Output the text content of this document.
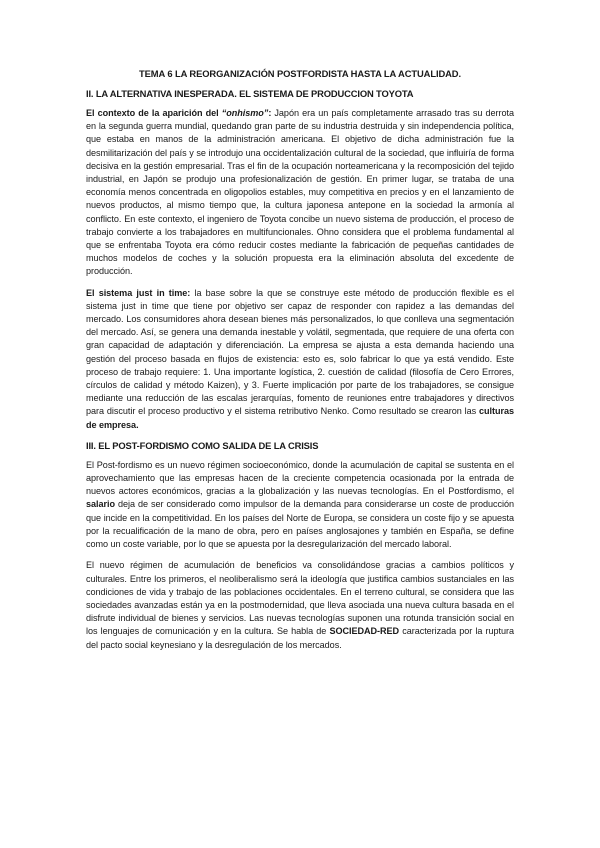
TEMA 6 LA REORGANIZACIÓN POSTFORDISTA HASTA LA ACTUALIDAD.
II. LA ALTERNATIVA INESPERADA. EL SISTEMA DE PRODUCCION TOYOTA

El contexto de la aparición del “onhismo”: Japón era un país completamente arrasado tras su derrota en la segunda guerra mundial, quedando gran parte de su industria destruida y sin independencia política, que estaba en manos de la administración americana. El objetivo de dicha administración fue la desmilitarización del país y se introdujo una occidentalización cultural de la sociedad, que influiría de forma decisiva en la gestión empresarial. Tras el fin de la ocupación norteamericana y la recomposición del tejido industrial, en Japón se produjo una profesionalización de gestión. En primer lugar, se trataba de una economía menos concentrada en oligopolios estables, muy competitiva en precios y en el lanzamiento de nuevos productos, al mismo tiempo que, la cultura japonesa antepone en la sociedad la armonía al conflicto. En este contexto, el ingeniero de Toyota concibe un nuevo sistema de producción, el proceso de trabajo convierte a los trabajadores en multifuncionales. Ohno considera que el problema fundamental al que se enfrentaba Toyota era cómo reducir costes mediante la fabricación de pequeñas cantidades de muchos modelos de coches y la solución propuesta era la eliminación absoluta del excedente de producción.

El sistema just in time: la base sobre la que se construye este método de producción flexible es el sistema just in time que tiene por objetivo ser capaz de responder con rapidez a las demandas del mercado. Los consumidores ahora desean bienes más personalizados, lo que conlleva una segmentación del mercado. Así, se genera una demanda inestable y volátil, segmentada, que requiere de una oferta con gran capacidad de adaptación y diferenciación. La empresa se ajusta a esta demanda haciendo una gestión del proceso basada en flujos de existencia: esto es, solo fabricar lo que ya está vendido. Este proceso de trabajo requiere: 1. Una importante logística, 2. cuestión de calidad (filosofía de Cero Errores, círculos de calidad y método Kaizen), y 3. Fuerte implicación por parte de los trabajadores, se consigue mediante una reducción de las escalas jerarquías, fomento de reuniones entre trabajadores y directivos para discutir el proceso productivo y el sistema retributivo Nenko. Como resultado se crearon las culturas de empresa.

III. EL POST-FORDISMO COMO SALIDA DE LA CRISIS

El Post-fordismo es un nuevo régimen socioeconómico, donde la acumulación de capital se sustenta en el aprovechamiento que las empresas hacen de la creciente competencia ocasionada por la entrada de nuevos actores económicos, gracias a la globalización y las nuevas tecnologías. En el Postfordismo, el salario deja de ser considerado como impulsor de la demanda para considerarse un coste de producción que incide en la competitividad. En los países del Norte de Europa, se considera un coste fijo y se apuesta por la recualificación de la mano de obra, pero en países anglosajones y también en España, se define como un coste variable, por lo que se apuesta por la desregularización del mercado laboral.

El nuevo régimen de acumulación de beneficios va consolidándose gracias a cambios políticos y culturales. Entre los primeros, el neoliberalismo será la ideología que justifica cambios sustanciales en las condiciones de vida y trabajo de las poblaciones occidentales. En el terreno cultural, se considera que las sociedades avanzadas están ya en la postmodernidad, que lleva asociada una nueva cultura basada en el disfrute individual de bienes y servicios. Las nuevas tecnologías suponen una rotunda transición social en los lenguajes de comunicación y en la cultura. Se habla de SOCIEDAD-RED caracterizada por la ruptura del pacto social keynesiano y la desregulación de los mercados.
